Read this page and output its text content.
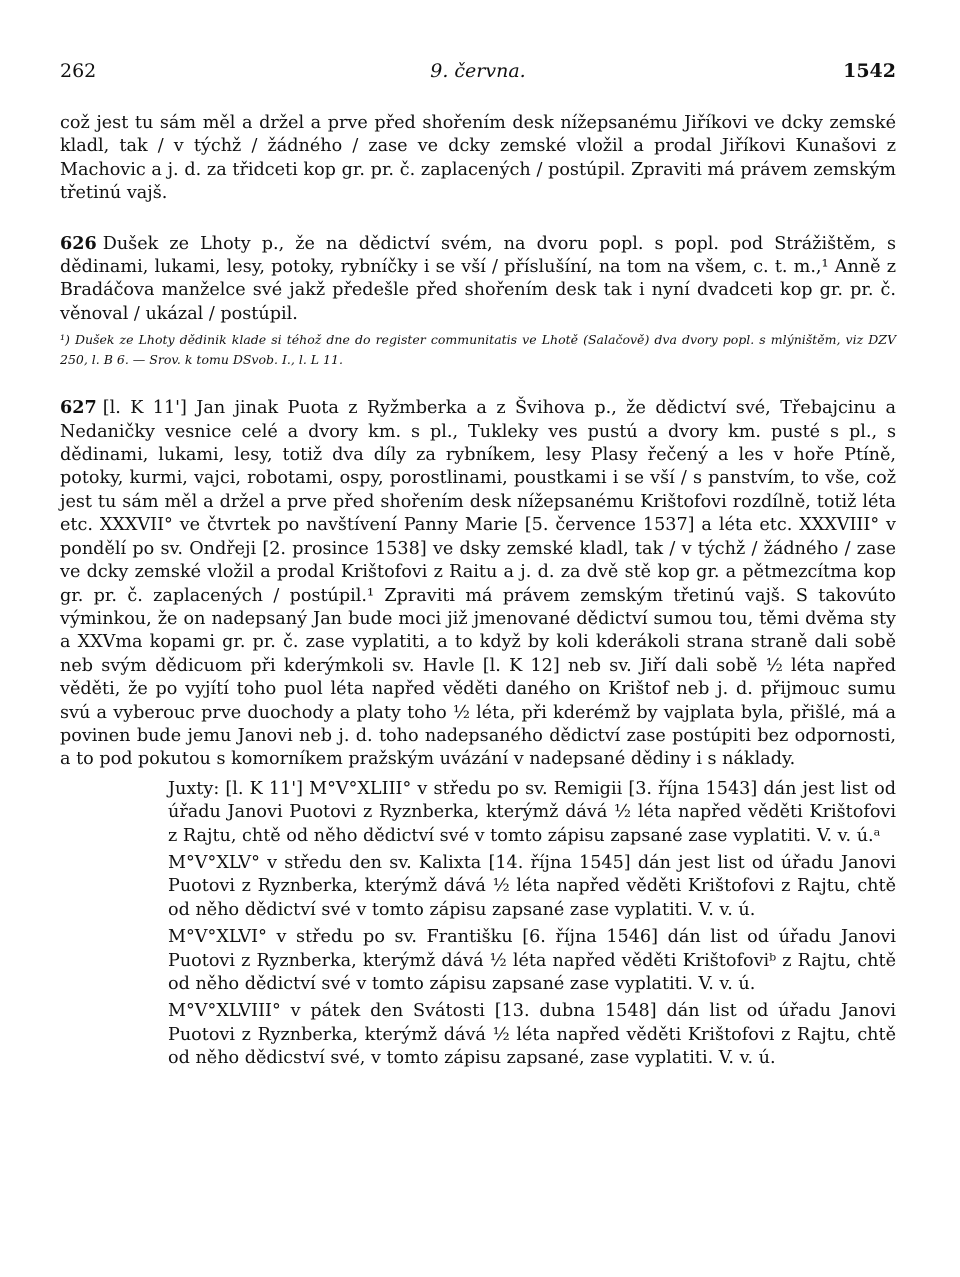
262	9. června.	1542

což jest tu sám měl a držel a prve před shořením desk nížepsanému Jiříkovi ve dcky zemské kladl, tak / v týchž / žádného / zase ve dcky zemské vložil a prodal Jiříkovi Kunašovi z Machovic a j. d. za třidceti kop gr. pr. č. zaplacených / postúpil. Zpraviti má právem zemským třetinú vajš.

626 Dušek ze Lhoty p., že na dědictví svém, na dvoru popl. s popl. pod Strážištěm, s dědinami, lukami, lesy, potoky, rybníčky i se vší / příslušíní, na tom na všem, c. t. m.,¹ Anně z Bradáčova manželce své jakž předešle před shořením desk tak i nyní dvadceti kop gr. pr. č. věnoval / ukázal / postúpil.

¹) Dušek ze Lhoty dědinik klade si téhož dne do register communitatis ve Lhotě (Salačově) dva dvory popl. s mlýništěm, viz DZV 250, l. B 6. — Srov. k tomu DSvob. I., l. L 11.

627 [l. K 11'] Jan jinak Puota z Ryžmberka a z Švihova p., že dědictví své, Třebajcinu a Nedaničky vesnice celé a dvory km. s pl., Tukleky ves pustú a dvory km. pusté s pl., s dědinami, lukami, lesy, totiž dva díly za rybníkem, lesy Plasy řečený a les v hoře Ptíně, potoky, kurmi, vajci, robotami, ospy, porostlinami, poustkami i se vší / s panstvím, to vše, což jest tu sám měl a držel a prve před shořením desk nížepsanému Krištofovi rozdílně, totiž léta etc. XXXVII° ve čtvrtek po navštívení Panny Marie [5. července 1537] a léta etc. XXXVIII° v pondělí po sv. Ondřeji [2. prosince 1538] ve dsky zemské kladl, tak / v týchž / žádného / zase ve dcky zemské vložil a prodal Krištofovi z Raitu a j. d. za dvě stě kop gr. a pětmezcítma kop gr. pr. č. zaplacených / postúpil.¹ Zpraviti má právem zemským třetinú vajš. S takovúto výminkou, že on nadepsaný Jan bude moci již jmenované dědictví sumou tou, těmi dvěma sty a XXVma kopami gr. pr. č. zase vyplatiti, a to když by koli kderákoli strana straně dali sobě neb svým dědicuom při kderýmkoli sv. Havle [l. K 12] neb sv. Jiří dali sobě ½ léta napřed věděti, že po vyjítí toho puol léta napřed věděti daného on Krištof neb j. d. přijmouc sumu svú a vyberouc prve duochody a platy toho ½ léta, při kderémž by vajplata byla, přišlé, má a povinen bude jemu Janovi neb j. d. toho nadepsaného dědictví zase postúpiti bez odpornosti, a to pod pokutou s komorníkem pražským uvázání v nadepsané dědiny i s náklady.

Juxty: [l. K 11'] M°V°XLIII° v středu po sv. Remigii [3. října 1543] dán jest list od úřadu Janovi Puotovi z Ryznberka, kterýmž dává ½ léta napřed věděti Krištofovi z Rajtu, chtě od něho dědictví své v tomto zápisu zapsané zase vyplatiti. V. v. ú.ᵃ

M°V°XLV° v středu den sv. Kalixta [14. října 1545] dán jest list od úřadu Janovi Puotovi z Ryznberka, kterýmž dává ½ léta napřed věděti Krištofovi z Rajtu, chtě od něho dědictví své v tomto zápisu zapsané zase vyplatiti. V. v. ú.

M°V°XLVI° v středu po sv. Františku [6. října 1546] dán list od úřadu Janovi Puotovi z Ryznberka, kterýmž dává ½ léta napřed věděti Krištofoviᵇ z Rajtu, chtě od něho dědictví své v tomto zápisu zapsané zase vyplatiti. V. v. ú.

M°V°XLVIII° v pátek den Svátosti [13. dubna 1548] dán list od úřadu Janovi Puotovi z Ryznberka, kterýmž dává ½ léta napřed věděti Krištofovi z Rajtu, chtě od něho dědicství své, v tomto zápisu zapsané, zase vyplatiti. V. v. ú.
